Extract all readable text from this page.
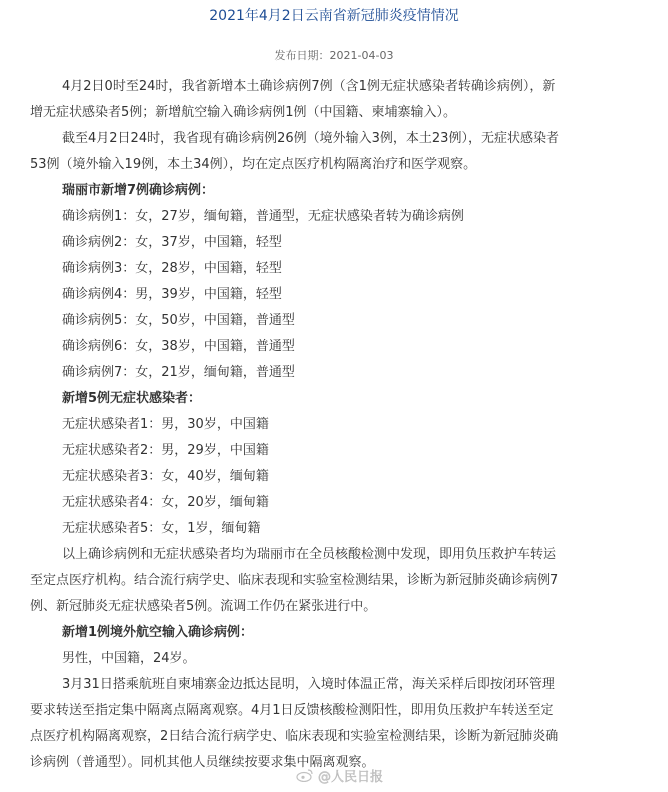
2021年4月2日云南省新冠肺炎疫情情况
发布日期：2021-04-03
4月2日0时至24时，我省新增本土确诊病例7例（含1例无症状感染者转确诊病例），新
增无症状感染者5例；新增航空输入确诊病例1例（中国籍、柬埔寨输入）。
截至4月2日24时，我省现有确诊病例26例（境外输入3例，本土23例），无症状感染者
53例（境外输入19例，本土34例），均在定点医疗机构隔离治疗和医学观察。
瑞丽市新增7例确诊病例：
确诊病例1：女，27岁，缅甸籍，普通型，无症状感染者转为确诊病例
确诊病例2：女，37岁，中国籍，轻型
确诊病例3：女，28岁，中国籍，轻型
确诊病例4：男，39岁，中国籍，轻型
确诊病例5：女，50岁，中国籍，普通型
确诊病例6：女，38岁，中国籍，普通型
确诊病例7：女，21岁，缅甸籍，普通型
新增5例无症状感染者：
无症状感染者1：男，30岁，中国籍
无症状感染者2：男，29岁，中国籍
无症状感染者3：女，40岁，缅甸籍
无症状感染者4：女，20岁，缅甸籍
无症状感染者5：女，1岁，缅甸籍
以上确诊病例和无症状感染者均为瑞丽市在全员核酸检测中发现，即用负压救护车转运
至定点医疗机构。结合流行病学史、临床表现和实验室检测结果，诊断为新冠肺炎确诊病例7
例、新冠肺炎无症状感染者5例。流调工作仍在紧张进行中。
新增1例境外航空输入确诊病例：
男性，中国籍，24岁。
3月31日搭乘航班自柬埔寨金边抵达昆明，入境时体温正常，海关采样后即按闭环管理
要求转送至指定集中隔离点隔离观察。4月1日反馈核酸检测阳性，即用负压救护车转送至定
点医疗机构隔离观察，2日结合流行病学史、临床表现和实验室检测结果，诊断为新冠肺炎确
诊病例（普通型）。同机其他人员继续按要求集中隔离观察。
@人民日报
